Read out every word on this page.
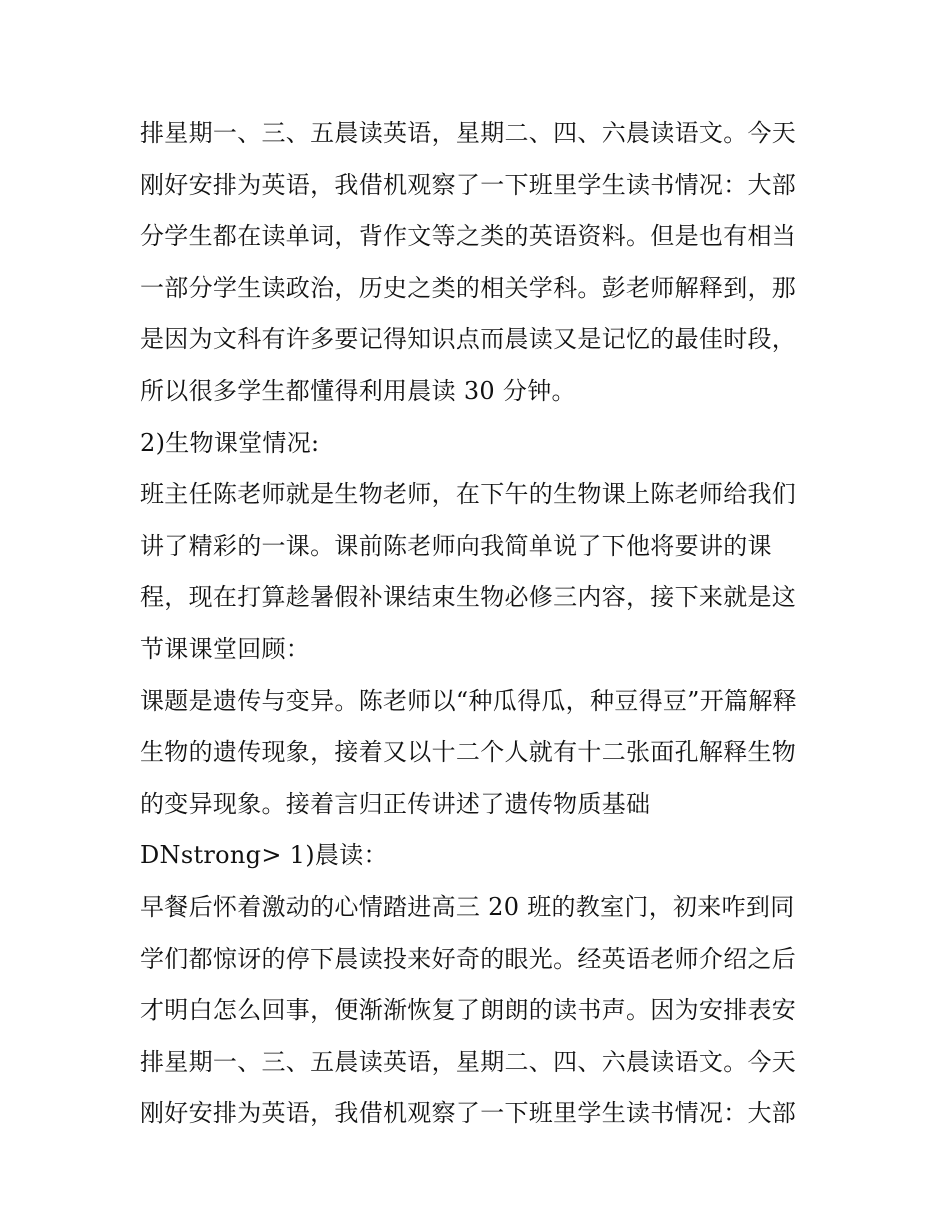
排星期一、三、五晨读英语，星期二、四、六晨读语文。今天
刚好安排为英语，我借机观察了一下班里学生读书情况：大部
分学生都在读单词，背作文等之类的英语资料。但是也有相当
一部分学生读政治，历史之类的相关学科。彭老师解释到，那
是因为文科有许多要记得知识点而晨读又是记忆的最佳时段，
所以很多学生都懂得利用晨读 30 分钟。
2)生物课堂情况:
班主任陈老师就是生物老师，在下午的生物课上陈老师给我们
讲了精彩的一课。课前陈老师向我简单说了下他将要讲的课
程，现在打算趁暑假补课结束生物必修三内容，接下来就是这
节课课堂回顾：
课题是遗传与变异。陈老师以“种瓜得瓜，种豆得豆”开篇解释
生物的遗传现象，接着又以十二个人就有十二张面孔解释生物
的变异现象。接着言归正传讲述了遗传物质基础
DNstrong> 1)晨读：
早餐后怀着激动的心情踏进高三 20 班的教室门，初来咋到同
学们都惊讶的停下晨读投来好奇的眼光。经英语老师介绍之后
才明白怎么回事，便渐渐恢复了朗朗的读书声。因为安排表安
排星期一、三、五晨读英语，星期二、四、六晨读语文。今天
刚好安排为英语，我借机观察了一下班里学生读书情况：大部
